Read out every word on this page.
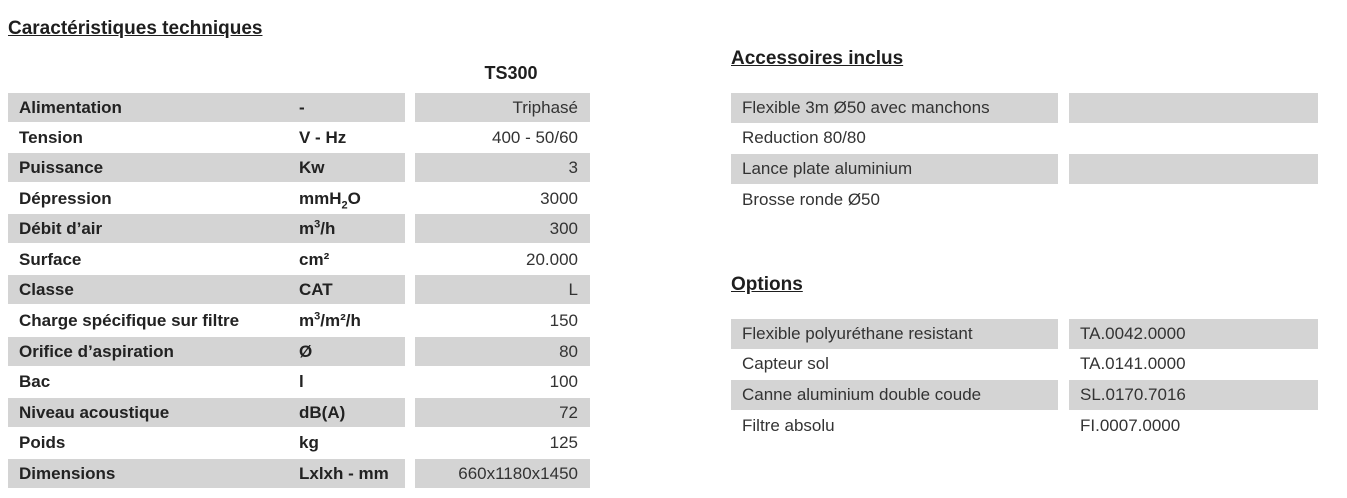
Caractéristiques techniques
Accessoires inclus
Options
TS300
Alimentation	-	Triphasé
Tension	V - Hz	400 - 50/60
Puissance	Kw	3
Dépression	mmH$_2$O	3000
Débit d’air	$m^3/h$	300
Surface	cm²	20.000
Classe	CAT	L
Charge spécifique sur filtre	$m^3/m^2/h$	150
Orifice d’aspiration	Ø	80
Bac	l	100
Niveau acoustique	dB(A)	72
Poids	kg	125
Dimensions	Lxlxh - mm	660x1180x1450
Flexible 3m Ø50 avec manchons
Reduction 80/80
Lance plate aluminium
Brosse ronde Ø50
Flexible polyuréthane resistant	TA.0042.0000
Capteur sol	TA.0141.0000
Canne aluminium double coude	SL.0170.7016
Filtre absolu	FI.0007.0000
